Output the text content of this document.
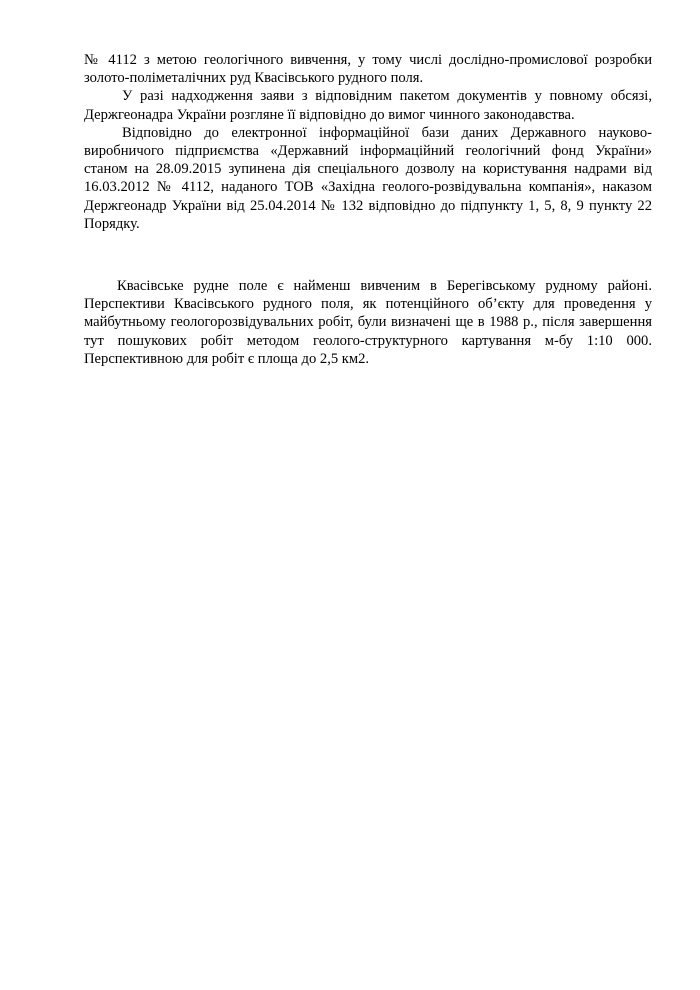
№ 4112 з метою геологічного вивчення, у тому числі дослідно-промислової розробки золото-поліметалічних руд Квасівського рудного поля.

У разі надходження заяви з відповідним пакетом документів у повному обсязі, Держгеонадра України розгляне її відповідно до вимог чинного законодавства.

Відповідно до електронної інформаційної бази даних Державного науково-виробничого підприємства «Державний інформаційний геологічний фонд України» станом на 28.09.2015 зупинена дія спеціального дозволу на користування надрами від 16.03.2012 № 4112, наданого ТОВ «Західна геолого-розвідувальна компанія», наказом Держгеонадр України від 25.04.2014 № 132 відповідно до підпункту 1, 5, 8, 9 пункту 22 Порядку.

Квасівське рудне поле є найменш вивченим в Берегівському рудному районі. Перспективи Квасівського рудного поля, як потенційного об’єкту для проведення у майбутньому геологорозвідувальних робіт, були визначені ще в 1988 р., після завершення тут пошукових робіт методом геолого-структурного картування м-бу 1:10 000. Перспективною для робіт є площа до 2,5 км2.
